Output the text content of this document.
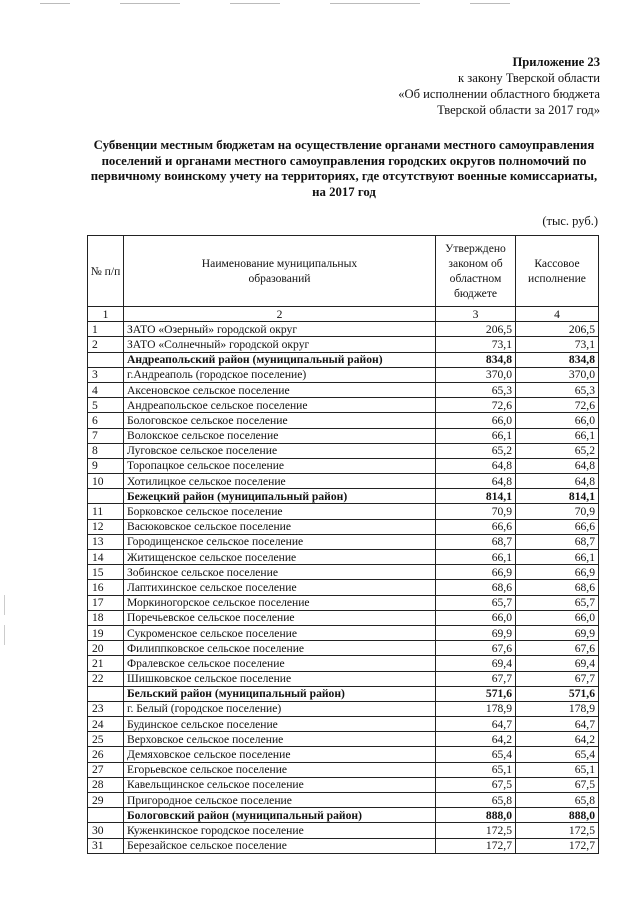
Приложение 23
к закону Тверской области
«Об исполнении областного бюджета
Тверской области за 2017 год»
Субвенции местным бюджетам на осуществление органами местного самоуправления поселений и органами местного самоуправления городских округов полномочий по первичному воинскому учету на территориях, где отсутствуют военные комиссариаты, на 2017 год
(тыс. руб.)
№ п/п	Наименование муниципальных образований	Утверждено законом об областном бюджете	Кассовое исполнение
1	2	3	4
1	ЗАТО «Озерный» городской округ	206,5	206,5
2	ЗАТО «Солнечный» городской округ	73,1	73,1
	Андреапольский район (муниципальный район)	834,8	834,8
3	г.Андреаполь (городское поселение)	370,0	370,0
4	Аксеновское сельское поселение	65,3	65,3
5	Андреапольское сельское поселение	72,6	72,6
6	Бологовское сельское поселение	66,0	66,0
7	Волокское сельское поселение	66,1	66,1
8	Луговское сельское поселение	65,2	65,2
9	Торопацкое сельское поселение	64,8	64,8
10	Хотилицкое сельское поселение	64,8	64,8
	Бежецкий район (муниципальный район)	814,1	814,1
11	Борковское сельское поселение	70,9	70,9
12	Васюковское сельское поселение	66,6	66,6
13	Городищенское сельское поселение	68,7	68,7
14	Житищенское сельское поселение	66,1	66,1
15	Зобинское сельское поселение	66,9	66,9
16	Лаптихинское сельское поселение	68,6	68,6
17	Моркиногорское сельское поселение	65,7	65,7
18	Поречьевское сельское поселение	66,0	66,0
19	Сукроменское сельское поселение	69,9	69,9
20	Филиппковское сельское поселение	67,6	67,6
21	Фралевское сельское поселение	69,4	69,4
22	Шишковское сельское поселение	67,7	67,7
	Бельский район (муниципальный район)	571,6	571,6
23	г. Белый (городское поселение)	178,9	178,9
24	Будинское сельское поселение	64,7	64,7
25	Верховское сельское поселение	64,2	64,2
26	Демяховское сельское поселение	65,4	65,4
27	Егорьевское сельское поселение	65,1	65,1
28	Кавельщинское сельское поселение	67,5	67,5
29	Пригородное сельское поселение	65,8	65,8
	Бологовский район (муниципальный район)	888,0	888,0
30	Куженкинское городское поселение	172,5	172,5
31	Березайское сельское поселение	172,7	172,7
